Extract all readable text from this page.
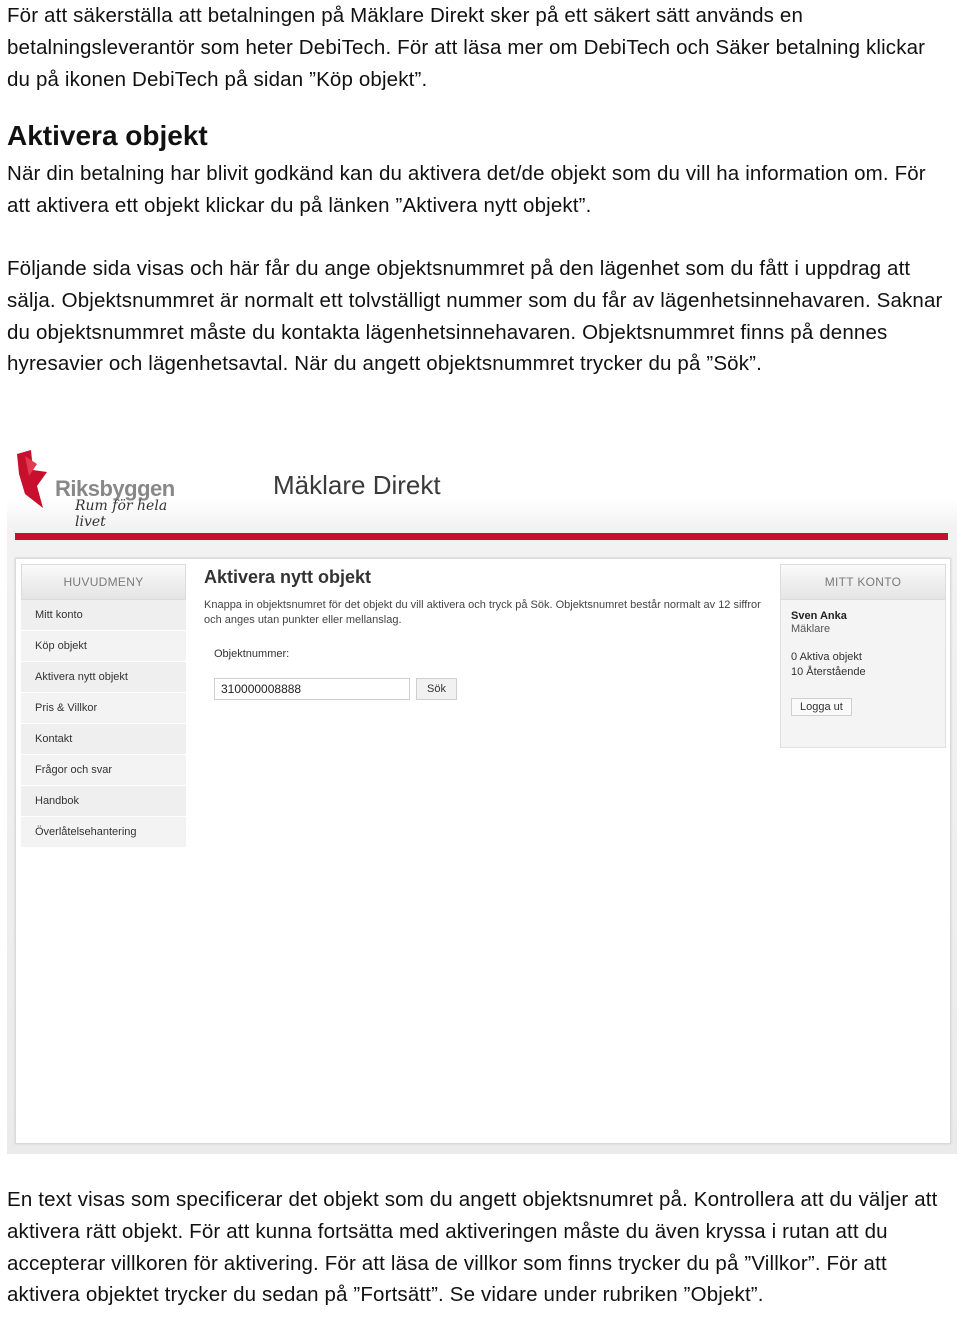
För att säkerställa att betalningen på Mäklare Direkt sker på ett säkert sätt används en betalningsleverantör som heter DebiTech. För att läsa mer om DebiTech och Säker betalning klickar du på ikonen DebiTech på sidan ”Köp objekt”.

Aktivera objekt

När din betalning har blivit godkänd kan du aktivera det/de objekt som du vill ha information om. För att aktivera ett objekt klickar du på länken ”Aktivera nytt objekt”.

Följande sida visas och här får du ange objektsnummret på den lägenhet som du fått i uppdrag att sälja. Objektsnummret är normalt ett tolvställigt nummer som du får av lägenhetsinnehavaren. Saknar du objektsnummret måste du kontakta lägenhetsinnehavaren. Objektsnummret finns på dennes hyresavier och lägenhetsavtal. När du angett objektsnummret trycker du på ”Sök”.

Riksbyggen
Rum för hela livet
Mäklare Direkt
HUVUDMENY
Mitt konto
Köp objekt
Aktivera nytt objekt
Pris & Villkor
Kontakt
Frågor och svar
Handbok
Överlåtelsehantering
Aktivera nytt objekt
Knappa in objektsnumret för det objekt du vill aktivera och tryck på Sök. Objektsnumret består normalt av 12 siffror och anges utan punkter eller mellanslag.
Objektnummer:
310000008888
Sök
MITT KONTO
Sven Anka
Mäklare
0 Aktiva objekt
10 Återstående
Logga ut

En text visas som specificerar det objekt som du angett objektsnumret på. Kontrollera att du väljer att aktivera rätt objekt. För att kunna fortsätta med aktiveringen måste du även kryssa i rutan att du accepterar villkoren för aktivering. För att läsa de villkor som finns trycker du på ”Villkor”. För att aktivera objektet trycker du sedan på ”Fortsätt”. Se vidare under rubriken ”Objekt”.
